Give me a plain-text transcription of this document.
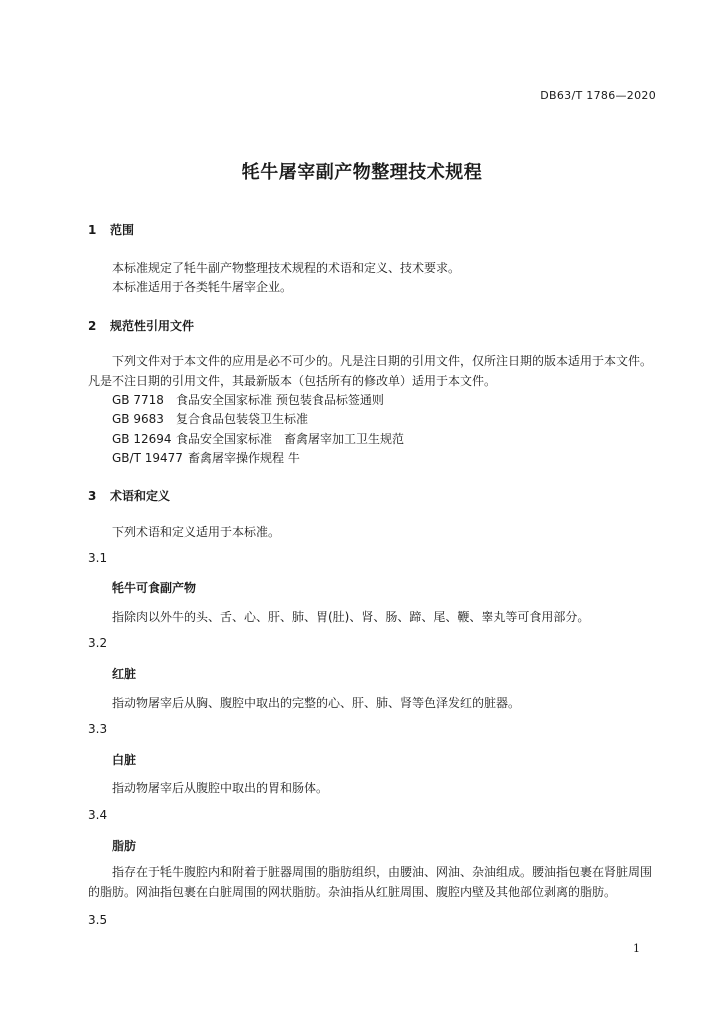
DB63/T 1786—2020
牦牛屠宰副产物整理技术规程
1 范围
本标准规定了牦牛副产物整理技术规程的术语和定义、技术要求。
本标准适用于各类牦牛屠宰企业。
2 规范性引用文件

下列文件对于本文件的应用是必不可少的。凡是注日期的引用文件，仅所注日期的版本适用于本文件。凡是不注日期的引用文件，其最新版本（包括所有的修改单）适用于本文件。

GB 7718 食品安全国家标准 预包装食品标签通则
GB 9683 复合食品包装袋卫生标准
GB 12694 食品安全国家标准　畜禽屠宰加工卫生规范
GB/T 19477 畜禽屠宰操作规程 牛
3 术语和定义
下列术语和定义适用于本标准。
3.1
牦牛可食副产物
指除肉以外牛的头、舌、心、肝、肺、胃(肚)、肾、肠、蹄、尾、鞭、睾丸等可食用部分。
3.2
红脏
指动物屠宰后从胸、腹腔中取出的完整的心、肝、肺、肾等色泽发红的脏器。
3.3
白脏
指动物屠宰后从腹腔中取出的胃和肠体。
3.4
脂肪

指存在于牦牛腹腔内和附着于脏器周围的脂肪组织，由腰油、网油、杂油组成。腰油指包裹在肾脏周围的脂肪。网油指包裹在白脏周围的网状脂肪。杂油指从红脏周围、腹腔内壁及其他部位剥离的脂肪。

3.5
1
